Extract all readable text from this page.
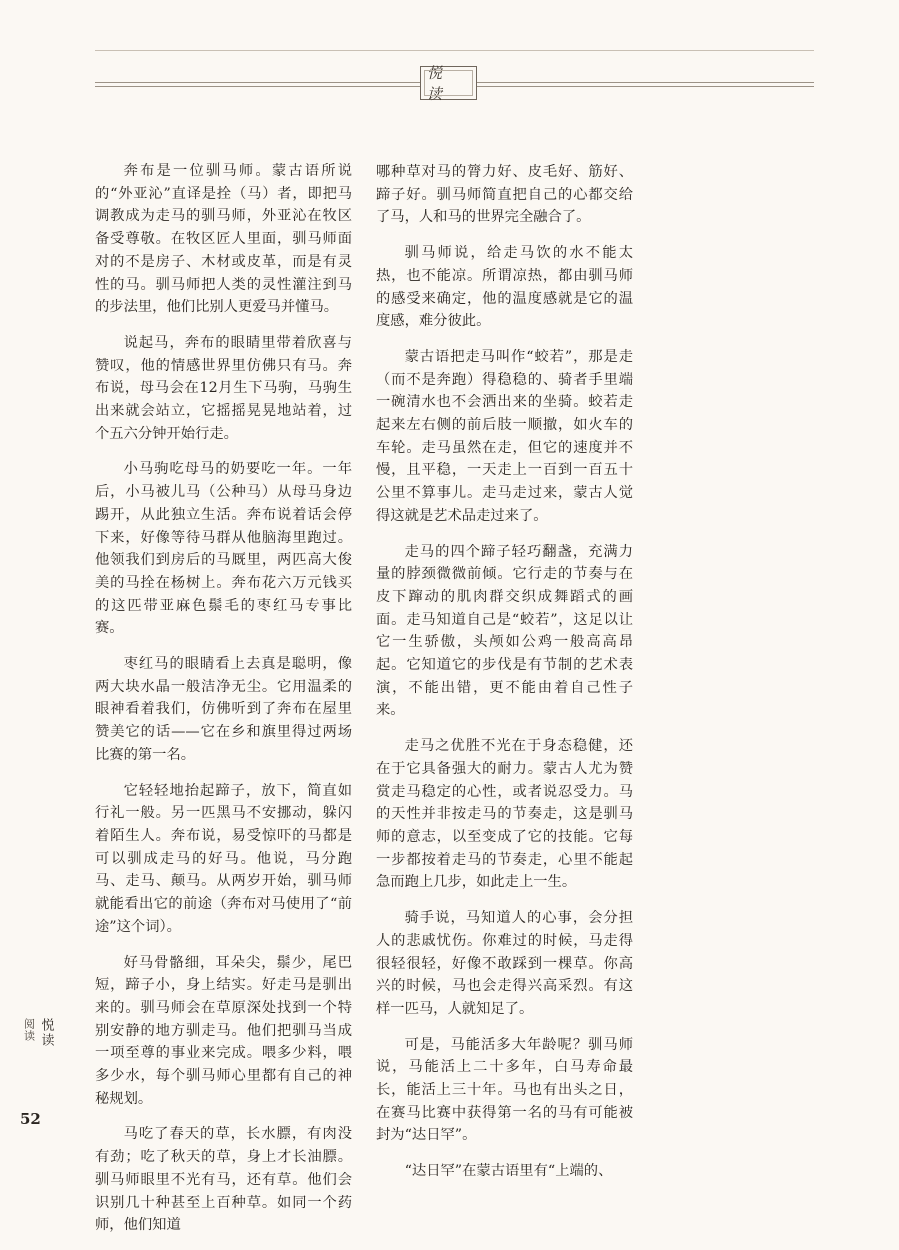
悦 读

奔布是一位驯马师。蒙古语所说的“外亚沁”直译是拴（马）者，即把马调教成为走马的驯马师，外亚沁在牧区备受尊敬。在牧区匠人里面，驯马师面对的不是房子、木材或皮革，而是有灵性的马。驯马师把人类的灵性灌注到马的步法里，他们比别人更爱马并懂马。

说起马，奔布的眼睛里带着欣喜与赞叹，他的情感世界里仿佛只有马。奔布说，母马会在12月生下马驹，马驹生出来就会站立，它摇摇晃晃地站着，过个五六分钟开始行走。

小马驹吃母马的奶要吃一年。一年后，小马被儿马（公种马）从母马身边踢开，从此独立生活。奔布说着话会停下来，好像等待马群从他脑海里跑过。他领我们到房后的马厩里，两匹高大俊美的马拴在杨树上。奔布花六万元钱买的这匹带亚麻色鬃毛的枣红马专事比赛。

枣红马的眼睛看上去真是聪明，像两大块水晶一般洁净无尘。它用温柔的眼神看着我们，仿佛听到了奔布在屋里赞美它的话——它在乡和旗里得过两场比赛的第一名。

它轻轻地抬起蹄子，放下，简直如行礼一般。另一匹黑马不安挪动，躲闪着陌生人。奔布说，易受惊吓的马都是可以驯成走马的好马。他说，马分跑马、走马、颠马。从两岁开始，驯马师就能看出它的前途（奔布对马使用了“前途”这个词）。

好马骨骼细，耳朵尖，鬃少，尾巴短，蹄子小，身上结实。好走马是驯出来的。驯马师会在草原深处找到一个特别安静的地方驯走马。他们把驯马当成一项至尊的事业来完成。喂多少料，喂多少水，每个驯马师心里都有自己的神秘规划。

马吃了春天的草，长水膘，有肉没有劲；吃了秋天的草，身上才长油膘。驯马师眼里不光有马，还有草。他们会识别几十种甚至上百种草。如同一个药师，他们知道

哪种草对马的膂力好、皮毛好、筋好、蹄子好。驯马师简直把自己的心都交给了马，人和马的世界完全融合了。

驯马师说，给走马饮的水不能太热，也不能凉。所谓凉热，都由驯马师的感受来确定，他的温度感就是它的温度感，难分彼此。

蒙古语把走马叫作“蛟若”，那是走（而不是奔跑）得稳稳的、骑者手里端一碗清水也不会洒出来的坐骑。蛟若走起来左右侧的前后肢一顺撤，如火车的车轮。走马虽然在走，但它的速度并不慢，且平稳，一天走上一百到一百五十公里不算事儿。走马走过来，蒙古人觉得这就是艺术品走过来了。

走马的四个蹄子轻巧翻盏，充满力量的脖颈微微前倾。它行走的节奏与在皮下蹿动的肌肉群交织成舞蹈式的画面。走马知道自己是“蛟若”，这足以让它一生骄傲，头颅如公鸡一般高高昂起。它知道它的步伐是有节制的艺术表演，不能出错，更不能由着自己性子来。

走马之优胜不光在于身态稳健，还在于它具备强大的耐力。蒙古人尤为赞赏走马稳定的心性，或者说忍受力。马的天性并非按走马的节奏走，这是驯马师的意志，以至变成了它的技能。它每一步都按着走马的节奏走，心里不能起急而跑上几步，如此走上一生。

骑手说，马知道人的心事，会分担人的悲戚忧伤。你难过的时候，马走得很轻很轻，好像不敢踩到一棵草。你高兴的时候，马也会走得兴高采烈。有这样一匹马，人就知足了。

可是，马能活多大年龄呢？驯马师说，马能活上二十多年，白马寿命最长，能活上三十年。马也有出头之日，在赛马比赛中获得第一名的马有可能被封为“达日罕”。

“达日罕”在蒙古语里有“上端的、

阅读 悦读
52
